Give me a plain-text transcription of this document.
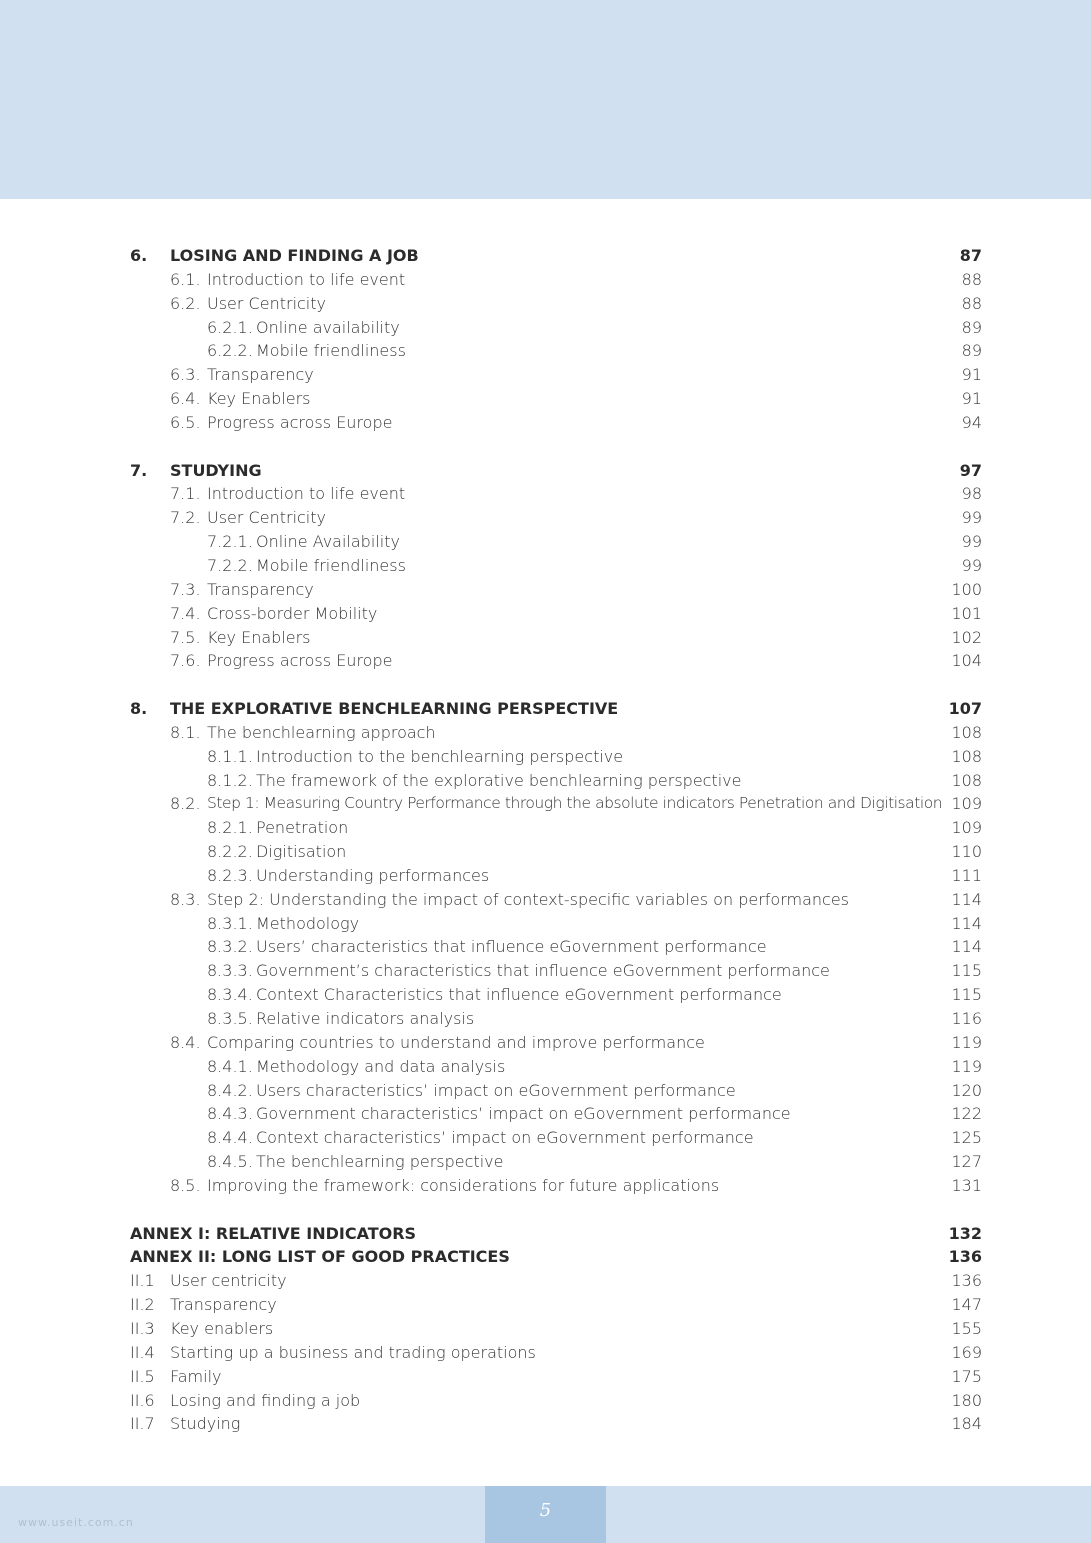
6. LOSING AND FINDING A JOB	87
6.1. Introduction to life event	88
6.2. User Centricity	88
6.2.1. Online availability	89
6.2.2. Mobile friendliness	89
6.3. Transparency	91
6.4. Key Enablers	91
6.5. Progress across Europe	94
7. STUDYING	97
7.1. Introduction to life event	98
7.2. User Centricity	99
7.2.1. Online Availability	99
7.2.2. Mobile friendliness	99
7.3. Transparency	100
7.4. Cross-border Mobility	101
7.5. Key Enablers	102
7.6. Progress across Europe	104
8. THE EXPLORATIVE BENCHLEARNING PERSPECTIVE	107
8.1. The benchlearning approach	108
8.1.1. Introduction to the benchlearning perspective	108
8.1.2. The framework of the explorative benchlearning perspective	108
8.2. Step 1: Measuring Country Performance through the absolute indicators Penetration and Digitisation 109
8.2.1. Penetration	109
8.2.2. Digitisation	110
8.2.3. Understanding performances	111
8.3. Step 2: Understanding the impact of context-specific variables on performances	114
8.3.1. Methodology	114
8.3.2. Users’ characteristics that influence eGovernment performance	114
8.3.3. Government’s characteristics that influence eGovernment performance	115
8.3.4. Context Characteristics that influence eGovernment performance	115
8.3.5. Relative indicators analysis	116
8.4. Comparing countries to understand and improve performance	119
8.4.1. Methodology and data analysis	119
8.4.2. Users characteristics’ impact on eGovernment performance	120
8.4.3. Government characteristics’ impact on eGovernment performance	122
8.4.4. Context characteristics’ impact on eGovernment performance	125
8.4.5. The benchlearning perspective	127
8.5. Improving the framework: considerations for future applications	131
ANNEX I: RELATIVE INDICATORS	132
ANNEX II: LONG LIST OF GOOD PRACTICES	136
II.1 User centricity	136
II.2 Transparency	147
II.3 Key enablers	155
II.4 Starting up a business and trading operations	169
II.5 Family	175
II.6 Losing and finding a job	180
II.7 Studying	184
www.useit.com.cn
5
